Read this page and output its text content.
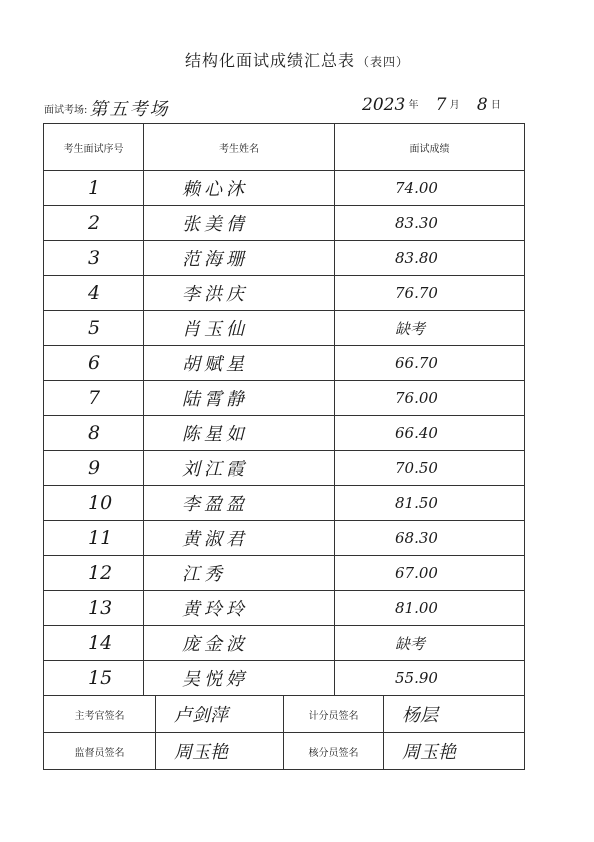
结构化面试成绩汇总表 （表四）
面试考场: 第五考场	2023 年 7 月 8 日
考生面试序号	考生姓名	面试成绩
1	赖心沐	74.00
2	张美倩	83.30
3	范海珊	83.80
4	李洪庆	76.70
5	肖玉仙	缺考
6	胡赋星	66.70
7	陆霄静	76.00
8	陈星如	66.40
9	刘江霞	70.50
10	李盈盈	81.50
11	黄淑君	68.30
12	江秀	67.00
13	黄玲玲	81.00
14	庞金波	缺考
15	吴悦婷	55.90
主考官签名	卢剑萍	计分员签名	杨层
监督员签名	周玉艳	核分员签名	周玉艳
